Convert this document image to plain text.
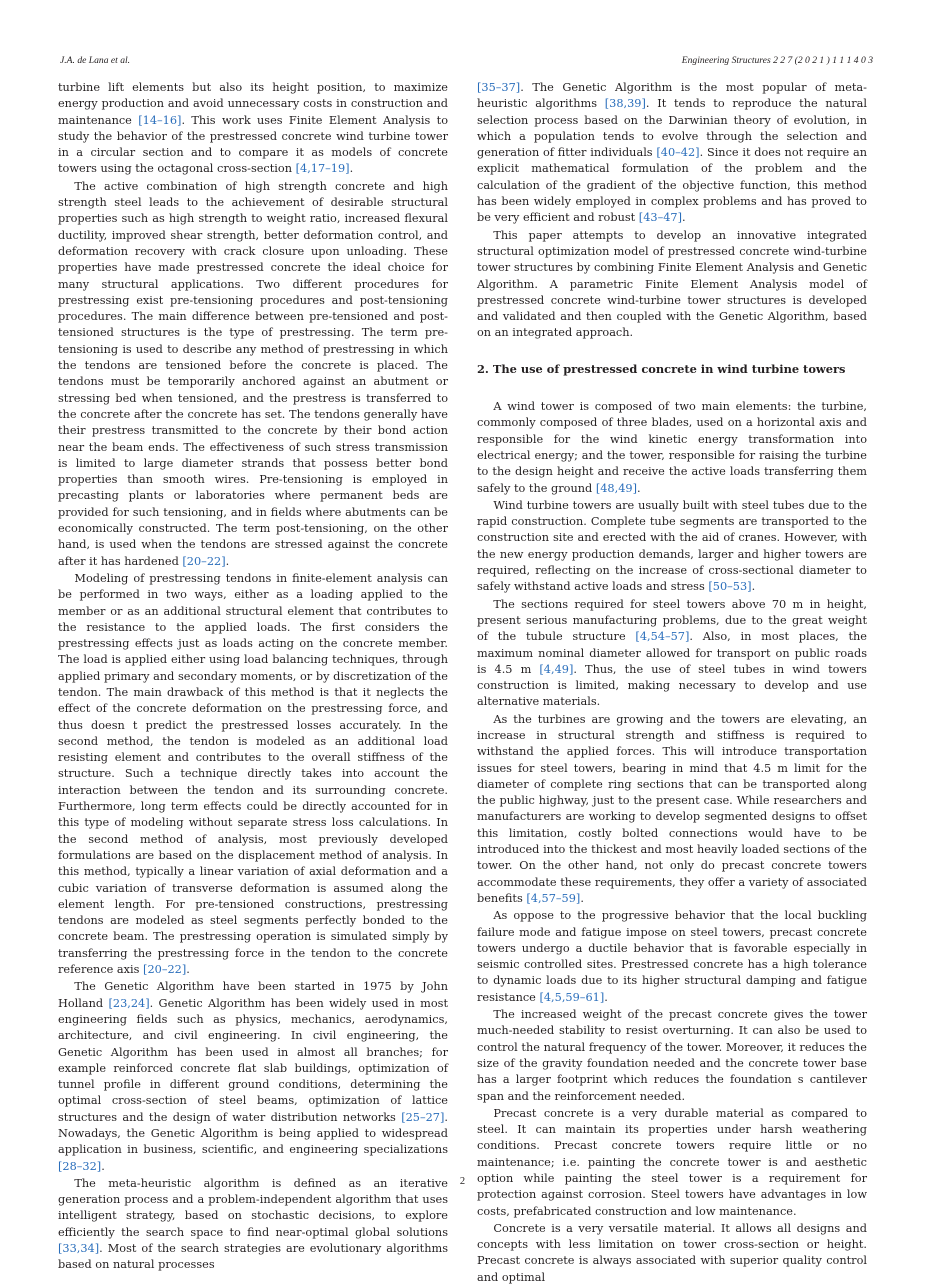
J.A. de Lana et al.	Engineering Structures 2 2 7 (2 0 2 1 ) 1 1 1 4 0 3

turbine lift elements but also its height position, to maximize energy production and avoid unnecessary costs in construction and maintenance [14–16]. This work uses Finite Element Analysis to study the behavior of the prestressed concrete wind turbine tower in a circular section and to compare it as models of concrete towers using the octagonal cross-section [4,17–19].

The active combination of high strength concrete and high strength steel leads to the achievement of desirable structural properties such as high strength to weight ratio, increased flexural ductility, improved shear strength, better deformation control, and deformation recovery with crack closure upon unloading. These properties have made prestressed concrete the ideal choice for many structural applications. Two different procedures for prestressing exist pre-tensioning procedures and post-tensioning procedures. The main difference between pre-tensioned and post-tensioned structures is the type of prestressing. The term pre-tensioning is used to describe any method of prestressing in which the tendons are tensioned before the concrete is placed. The tendons must be temporarily anchored against an abutment or stressing bed when tensioned, and the prestress is transferred to the concrete after the concrete has set. The tendons generally have their prestress transmitted to the concrete by their bond action near the beam ends. The effectiveness of such stress transmission is limited to large diameter strands that possess better bond properties than smooth wires. Pre-tensioning is employed in precasting plants or laboratories where permanent beds are provided for such tensioning, and in fields where abutments can be economically constructed. The term post-tensioning, on the other hand, is used when the tendons are stressed against the concrete after it has hardened [20–22].

Modeling of prestressing tendons in finite-element analysis can be performed in two ways, either as a loading applied to the member or as an additional structural element that contributes to the resistance to the applied loads. The first considers the prestressing effects just as loads acting on the concrete member. The load is applied either using load balancing techniques, through applied primary and secondary moments, or by discretization of the tendon. The main drawback of this method is that it neglects the effect of the concrete deformation on the prestressing force, and thus doesn t predict the prestressed losses accurately. In the second method, the tendon is modeled as an additional load resisting element and contributes to the overall stiffness of the structure. Such a technique directly takes into account the interaction between the tendon and its surrounding concrete. Furthermore, long term effects could be directly accounted for in this type of modeling without separate stress loss calculations. In the second method of analysis, most previously developed formulations are based on the displacement method of analysis. In this method, typically a linear variation of axial deformation and a cubic variation of transverse deformation is assumed along the element length. For pre-tensioned constructions, prestressing tendons are modeled as steel segments perfectly bonded to the concrete beam. The prestressing operation is simulated simply by transferring the prestressing force in the tendon to the concrete reference axis [20–22].

The Genetic Algorithm have been started in 1975 by John Holland [23,24]. Genetic Algorithm has been widely used in most engineering fields such as physics, mechanics, aerodynamics, architecture, and civil engineering. In civil engineering, the Genetic Algorithm has been used in almost all branches; for example reinforced concrete flat slab buildings, optimization of tunnel profile in different ground conditions, determining the optimal cross-section of steel beams, optimization of lattice structures and the design of water distribution networks [25–27]. Nowadays, the Genetic Algorithm is being applied to widespread application in business, scientific, and engineering specializations [28–32].

The meta-heuristic algorithm is defined as an iterative generation process and a problem-independent algorithm that uses intelligent strategy, based on stochastic decisions, to explore efficiently the search space to find near-optimal global solutions [33,34]. Most of the search strategies are evolutionary algorithms based on natural processes

[35–37]. The Genetic Algorithm is the most popular of meta-heuristic algorithms [38,39]. It tends to reproduce the natural selection process based on the Darwinian theory of evolution, in which a population tends to evolve through the selection and generation of fitter individuals [40–42]. Since it does not require an explicit mathematical formulation of the problem and the calculation of the gradient of the objective function, this method has been widely employed in complex problems and has proved to be very efficient and robust [43–47].

This paper attempts to develop an innovative integrated structural optimization model of prestressed concrete wind-turbine tower structures by combining Finite Element Analysis and Genetic Algorithm. A parametric Finite Element Analysis model of prestressed concrete wind-turbine tower structures is developed and validated and then coupled with the Genetic Algorithm, based on an integrated approach.

2. The use of prestressed concrete in wind turbine towers

A wind tower is composed of two main elements: the turbine, commonly composed of three blades, used on a horizontal axis and responsible for the wind kinetic energy transformation into electrical energy; and the tower, responsible for raising the turbine to the design height and receive the active loads transferring them safely to the ground [48,49].

Wind turbine towers are usually built with steel tubes due to the rapid construction. Complete tube segments are transported to the construction site and erected with the aid of cranes. However, with the new energy production demands, larger and higher towers are required, reflecting on the increase of cross-sectional diameter to safely withstand active loads and stress [50–53].

The sections required for steel towers above 70 m in height, present serious manufacturing problems, due to the great weight of the tubule structure [4,54–57]. Also, in most places, the maximum nominal diameter allowed for transport on public roads is 4.5 m [4,49]. Thus, the use of steel tubes in wind towers construction is limited, making necessary to develop and use alternative materials.

As the turbines are growing and the towers are elevating, an increase in structural strength and stiffness is required to withstand the applied forces. This will introduce transportation issues for steel towers, bearing in mind that 4.5 m limit for the diameter of complete ring sections that can be transported along the public highway, just to the present case. While researchers and manufacturers are working to develop segmented designs to offset this limitation, costly bolted connections would have to be introduced into the thickest and most heavily loaded sections of the tower. On the other hand, not only do precast concrete towers accommodate these requirements, they offer a variety of associated benefits [4,57–59].

As oppose to the progressive behavior that the local buckling failure mode and fatigue impose on steel towers, precast concrete towers undergo a ductile behavior that is favorable especially in seismic controlled sites. Prestressed concrete has a high tolerance to dynamic loads due to its higher structural damping and fatigue resistance [4,5,59–61].

The increased weight of the precast concrete gives the tower much-needed stability to resist overturning. It can also be used to control the natural frequency of the tower. Moreover, it reduces the size of the gravity foundation needed and the concrete tower base has a larger footprint which reduces the foundation s cantilever span and the reinforcement needed.

Precast concrete is a very durable material as compared to steel. It can maintain its properties under harsh weathering conditions. Precast concrete towers require little or no maintenance; i.e. painting the concrete tower is and aesthetic option while painting the steel tower is a requirement for protection against corrosion. Steel towers have advantages in low costs, prefabricated construction and low maintenance.

Concrete is a very versatile material. It allows all designs and concepts with less limitation on tower cross-section or height. Precast concrete is always associated with superior quality control and optimal

2
